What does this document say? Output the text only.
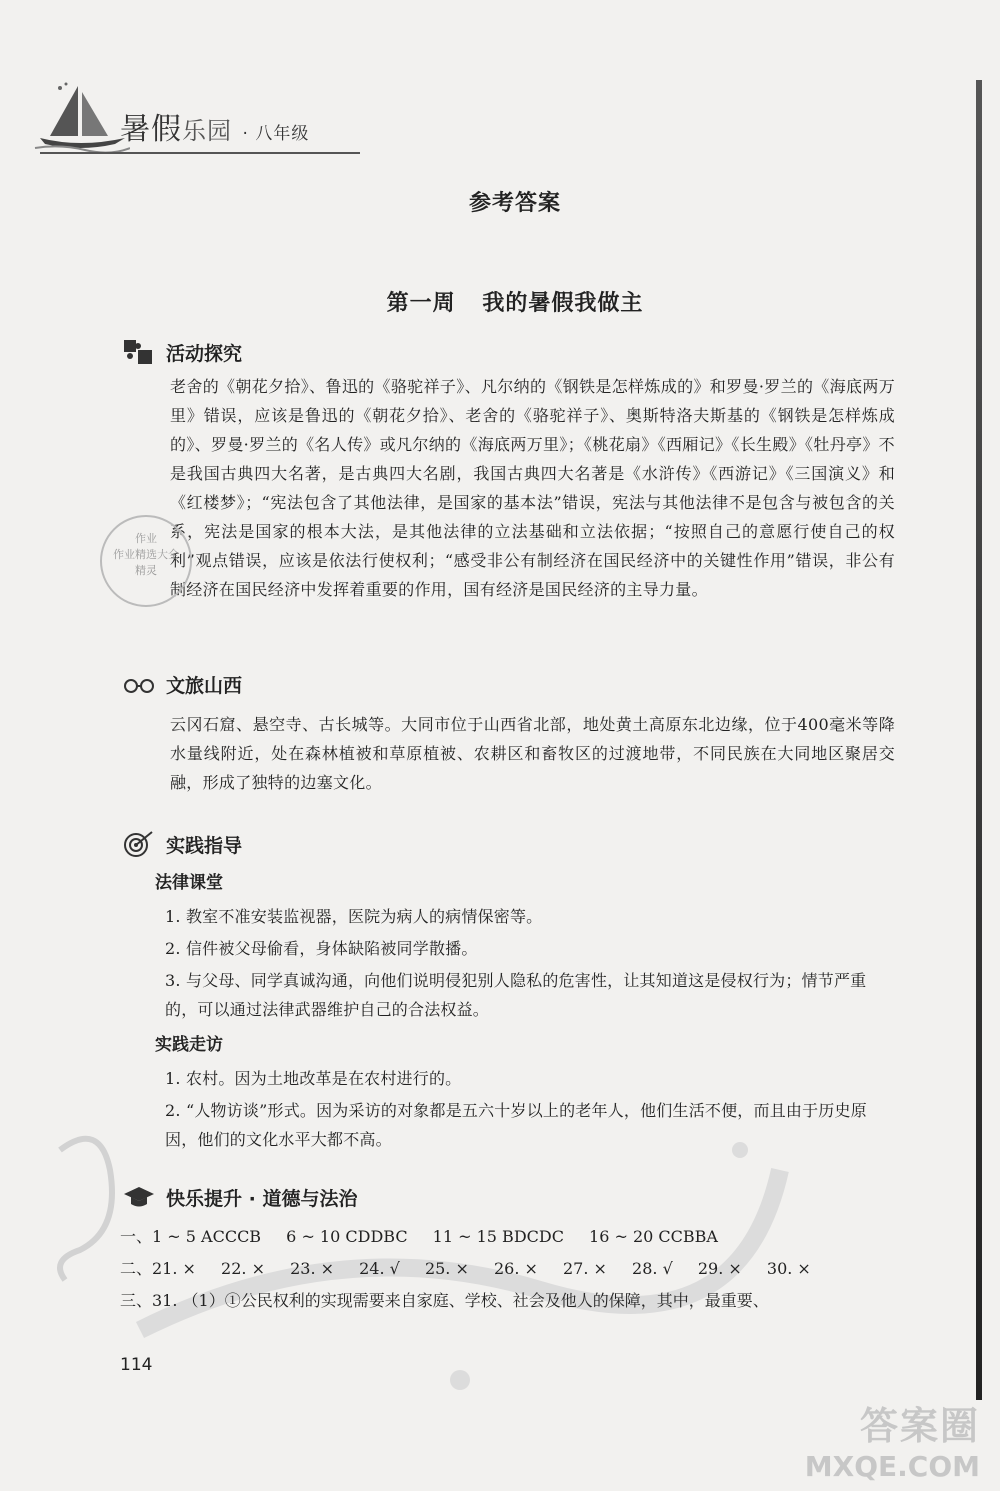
暑假乐园 · 八年级
参考答案
第一周 我的暑假我做主
活动探究

老舍的《朝花夕拾》、鲁迅的《骆驼祥子》、凡尔纳的《钢铁是怎样炼成的》和罗曼·罗兰的《海底两万里》错误，应该是鲁迅的《朝花夕拾》、老舍的《骆驼祥子》、奥斯特洛夫斯基的《钢铁是怎样炼成的》、罗曼·罗兰的《名人传》或凡尔纳的《海底两万里》；《桃花扇》《西厢记》《长生殿》《牡丹亭》不是我国古典四大名著，是古典四大名剧，我国古典四大名著是《水浒传》《西游记》《三国演义》和《红楼梦》；“宪法包含了其他法律，是国家的基本法”错误，宪法与其他法律不是包含与被包含的关系，宪法是国家的根本大法，是其他法律的立法基础和立法依据；“按照自己的意愿行使自己的权利”观点错误，应该是依法行使权利；“感受非公有制经济在国民经济中的关键性作用”错误，非公有制经济在国民经济中发挥着重要的作用，国有经济是国民经济的主导力量。

作业
作业精选大全
精灵
文旅山西

云冈石窟、悬空寺、古长城等。大同市位于山西省北部，地处黄土高原东北边缘，位于400毫米等降水量线附近，处在森林植被和草原植被、农耕区和畜牧区的过渡地带，不同民族在大同地区聚居交融，形成了独特的边塞文化。

实践指导
法律课堂

1. 教室不准安装监视器，医院为病人的病情保密等。

2. 信件被父母偷看，身体缺陷被同学散播。

3. 与父母、同学真诚沟通，向他们说明侵犯别人隐私的危害性，让其知道这是侵权行为；情节严重的，可以通过法律武器维护自己的合法权益。

实践走访

1. 农村。因为土地改革是在农村进行的。

2. “人物访谈”形式。因为采访的对象都是五六十岁以上的老年人，他们生活不便，而且由于历史原因，他们的文化水平大都不高。

快乐提升 · 道德与法治
一、1 ~ 5 ACCCB 6 ~ 10 CDDBC 11 ~ 15 BDCDC 16 ~ 20 CCBBA
二、21. × 22. × 23. × 24. √ 25. × 26. × 27. × 28. √ 29. × 30. ×
三、31. （1）①公民权利的实现需要来自家庭、学校、社会及他人的保障，其中，最重要、
114
答案圈
MXQE.COM
